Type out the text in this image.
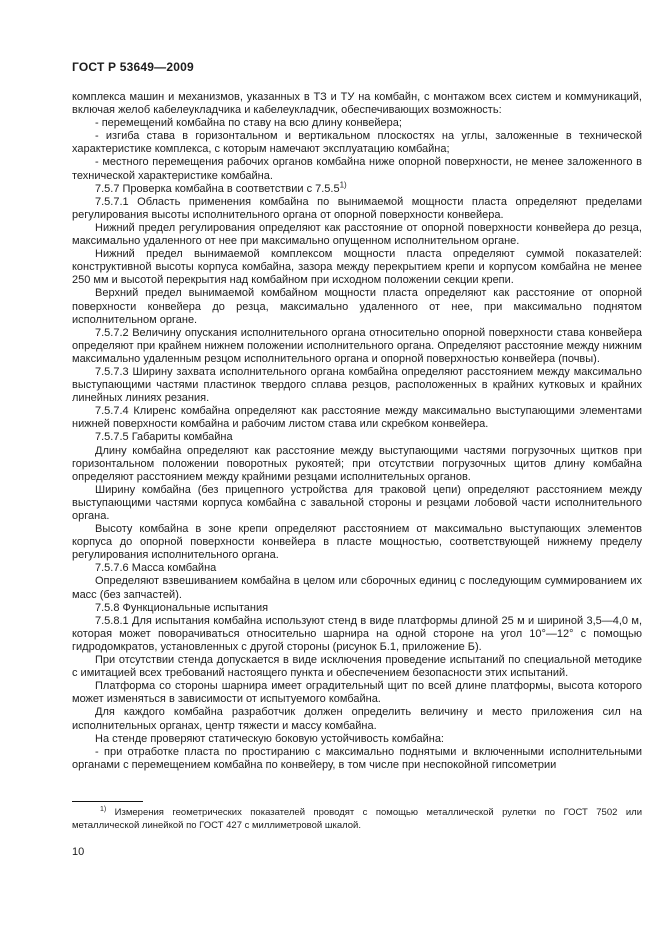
ГОСТ Р 53649—2009

комплекса машин и механизмов, указанных в ТЗ и ТУ на комбайн, с монтажом всех систем и коммуникаций, включая желоб кабелеукладчика и кабелеукладчик, обеспечивающих возможность:

- перемещений комбайна по ставу на всю длину конвейера;

- изгиба става в горизонтальном и вертикальном плоскостях на углы, заложенные в технической характеристике комплекса, с которым намечают эксплуатацию комбайна;

- местного перемещения рабочих органов комбайна ниже опорной поверхности, не менее заложенного в технической характеристике комбайна.

7.5.7 Проверка комбайна в соответствии с 7.5.5$^{1)}$

7.5.7.1 Область применения комбайна по вынимаемой мощности пласта определяют пределами регулирования высоты исполнительного органа от опорной поверхности конвейера.

Нижний предел регулирования определяют как расстояние от опорной поверхности конвейера до резца, максимально удаленного от нее при максимально опущенном исполнительном органе.

Нижний предел вынимаемой комплексом мощности пласта определяют суммой показателей: конструктивной высоты корпуса комбайна, зазора между перекрытием крепи и корпусом комбайна не менее 250 мм и высотой перекрытия над комбайном при исходном положении секции крепи.

Верхний предел вынимаемой комбайном мощности пласта определяют как расстояние от опорной поверхности конвейера до резца, максимально удаленного от нее, при максимально поднятом исполнительном органе.

7.5.7.2 Величину опускания исполнительного органа относительно опорной поверхности става конвейера определяют при крайнем нижнем положении исполнительного органа. Определяют расстояние между нижним максимально удаленным резцом исполнительного органа и опорной поверхностью конвейера (почвы).

7.5.7.3 Ширину захвата исполнительного органа комбайна определяют расстоянием между максимально выступающими частями пластинок твердого сплава резцов, расположенных в крайних кутковых и крайних линейных линиях резания.

7.5.7.4 Клиренс комбайна определяют как расстояние между максимально выступающими элементами нижней поверхности комбайна и рабочим листом става или скребком конвейера.

7.5.7.5 Габариты комбайна

Длину комбайна определяют как расстояние между выступающими частями погрузочных щитков при горизонтальном положении поворотных рукоятей; при отсутствии погрузочных щитов длину комбайна определяют расстоянием между крайними резцами исполнительных органов.

Ширину комбайна (без прицепного устройства для траковой цепи) определяют расстоянием между выступающими частями корпуса комбайна с завальной стороны и резцами лобовой части исполнительного органа.

Высоту комбайна в зоне крепи определяют расстоянием от максимально выступающих элементов корпуса до опорной поверхности конвейера в пласте мощностью, соответствующей нижнему пределу регулирования исполнительного органа.

7.5.7.6 Масса комбайна

Определяют взвешиванием комбайна в целом или сборочных единиц с последующим суммированием их масс (без запчастей).

7.5.8 Функциональные испытания

7.5.8.1 Для испытания комбайна используют стенд в виде платформы длиной 25 м и шириной 3,5—4,0 м, которая может поворачиваться относительно шарнира на одной стороне на угол 10°—12° с помощью гидродомкратов, установленных с другой стороны (рисунок Б.1, приложение Б).

При отсутствии стенда допускается в виде исключения проведение испытаний по специальной методике с имитацией всех требований настоящего пункта и обеспечением безопасности этих испытаний.

Платформа со стороны шарнира имеет оградительный щит по всей длине платформы, высота которого может изменяться в зависимости от испытуемого комбайна.

Для каждого комбайна разработчик должен определить величину и место приложения сил на исполнительных органах, центр тяжести и массу комбайна.

На стенде проверяют статическую боковую устойчивость комбайна:

- при отработке пласта по простиранию с максимально поднятыми и включенными исполнительными органами с перемещением комбайна по конвейеру, в том числе при неспокойной гипсометрии

$^{1)}$ Измерения геометрических показателей проводят с помощью металлической рулетки по ГОСТ 7502 или металлической линейкой по ГОСТ 427 с миллиметровой шкалой.

10
